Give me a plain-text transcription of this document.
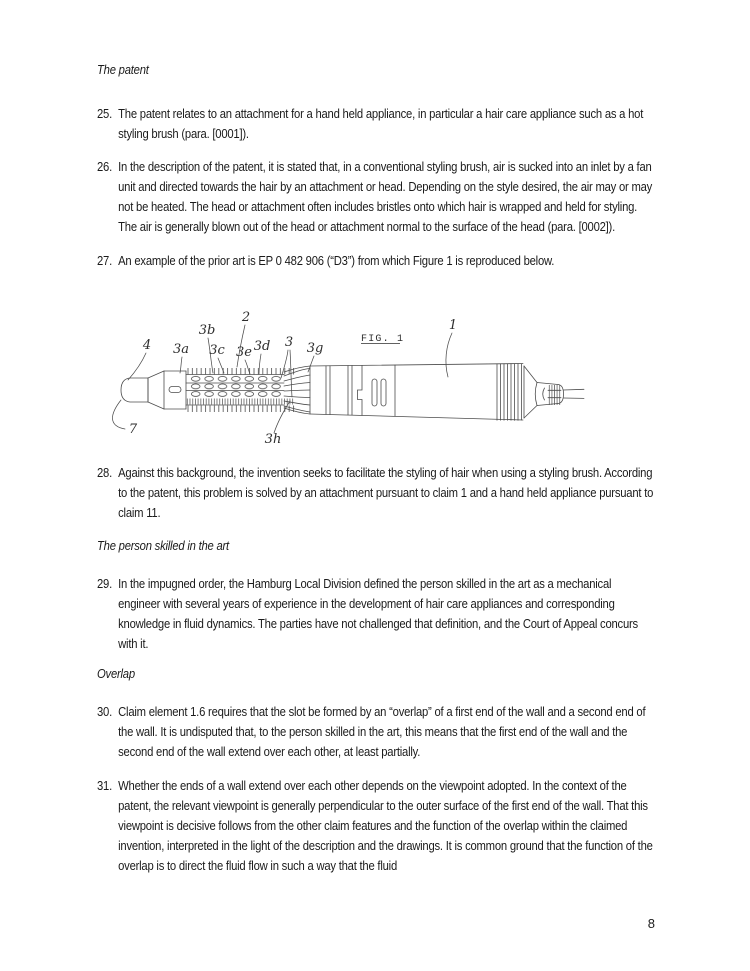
The patent
25. The patent relates to an attachment for a hand held appliance, in particular a hair care appliance such as a hot styling brush (para. [0001]).
26. In the description of the patent, it is stated that, in a conventional styling brush, air is sucked into an inlet by a fan unit and directed towards the hair by an attachment or head. Depending on the style desired, the air may or may not be heated. The head or attachment often includes bristles onto which hair is wrapped and held for styling. The air is generally blown out of the head or attachment normal to the surface of the head (para. [0002]).
27. An example of the prior art is EP 0 482 906 (“D3”) from which Figure 1 is reproduced below.
28. Against this background, the invention seeks to facilitate the styling of hair when using a styling brush. According to the patent, this problem is solved by an attachment pursuant to claim 1 and a hand held appliance pursuant to claim 11.
The person skilled in the art
29. In the impugned order, the Hamburg Local Division defined the person skilled in the art as a mechanical engineer with several years of experience in the development of hair care appliances and corresponding knowledge in fluid dynamics. The parties have not challenged that definition, and the Court of Appeal concurs with it.
Overlap
30. Claim element 1.6 requires that the slot be formed by an “overlap” of a first end of the wall and a second end of the wall. It is undisputed that, to the person skilled in the art, this means that the first end of the wall and the second end of the wall extend over each other, at least partially.
31. Whether the ends of a wall extend over each other depends on the viewpoint adopted. In the context of the patent, the relevant viewpoint is generally perpendicular to the outer surface of the first end of the wall. That this viewpoint is decisive follows from the other claim features and the function of the overlap within the claimed invention, interpreted in the light of the description and the drawings. It is common ground that the function of the overlap is to direct the fluid flow in such a way that the fluid
4 3a
3b
3c
2
3e 3d 3 3g
1
7
3h
FIG. 1
8
